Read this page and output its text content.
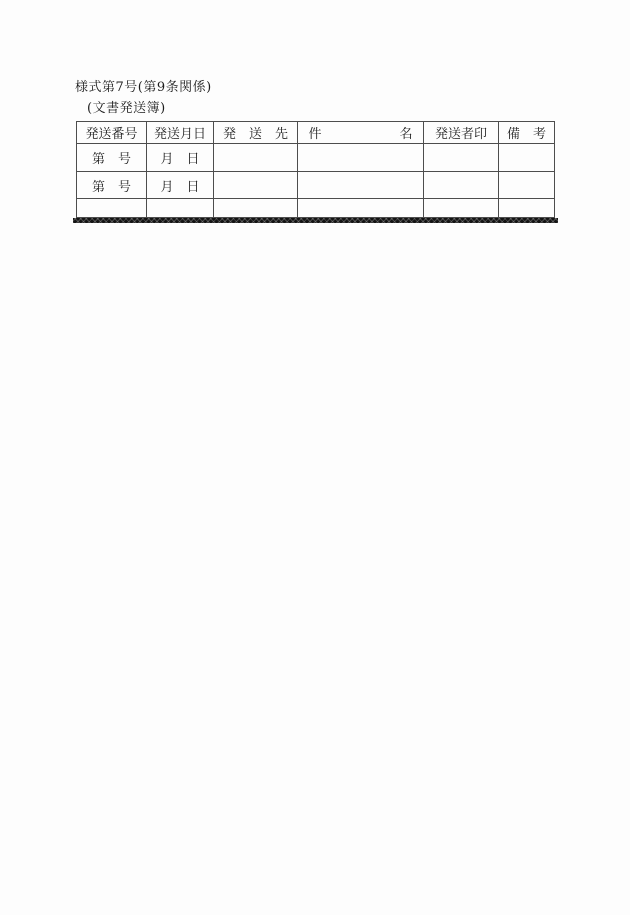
様式第7号(第9条関係)
(文書発送簿)
発送番号	発送月日	発　送　先	件　　　　　　名	発送者印	備　考
第　号	月　日				
第　号	月　日				
